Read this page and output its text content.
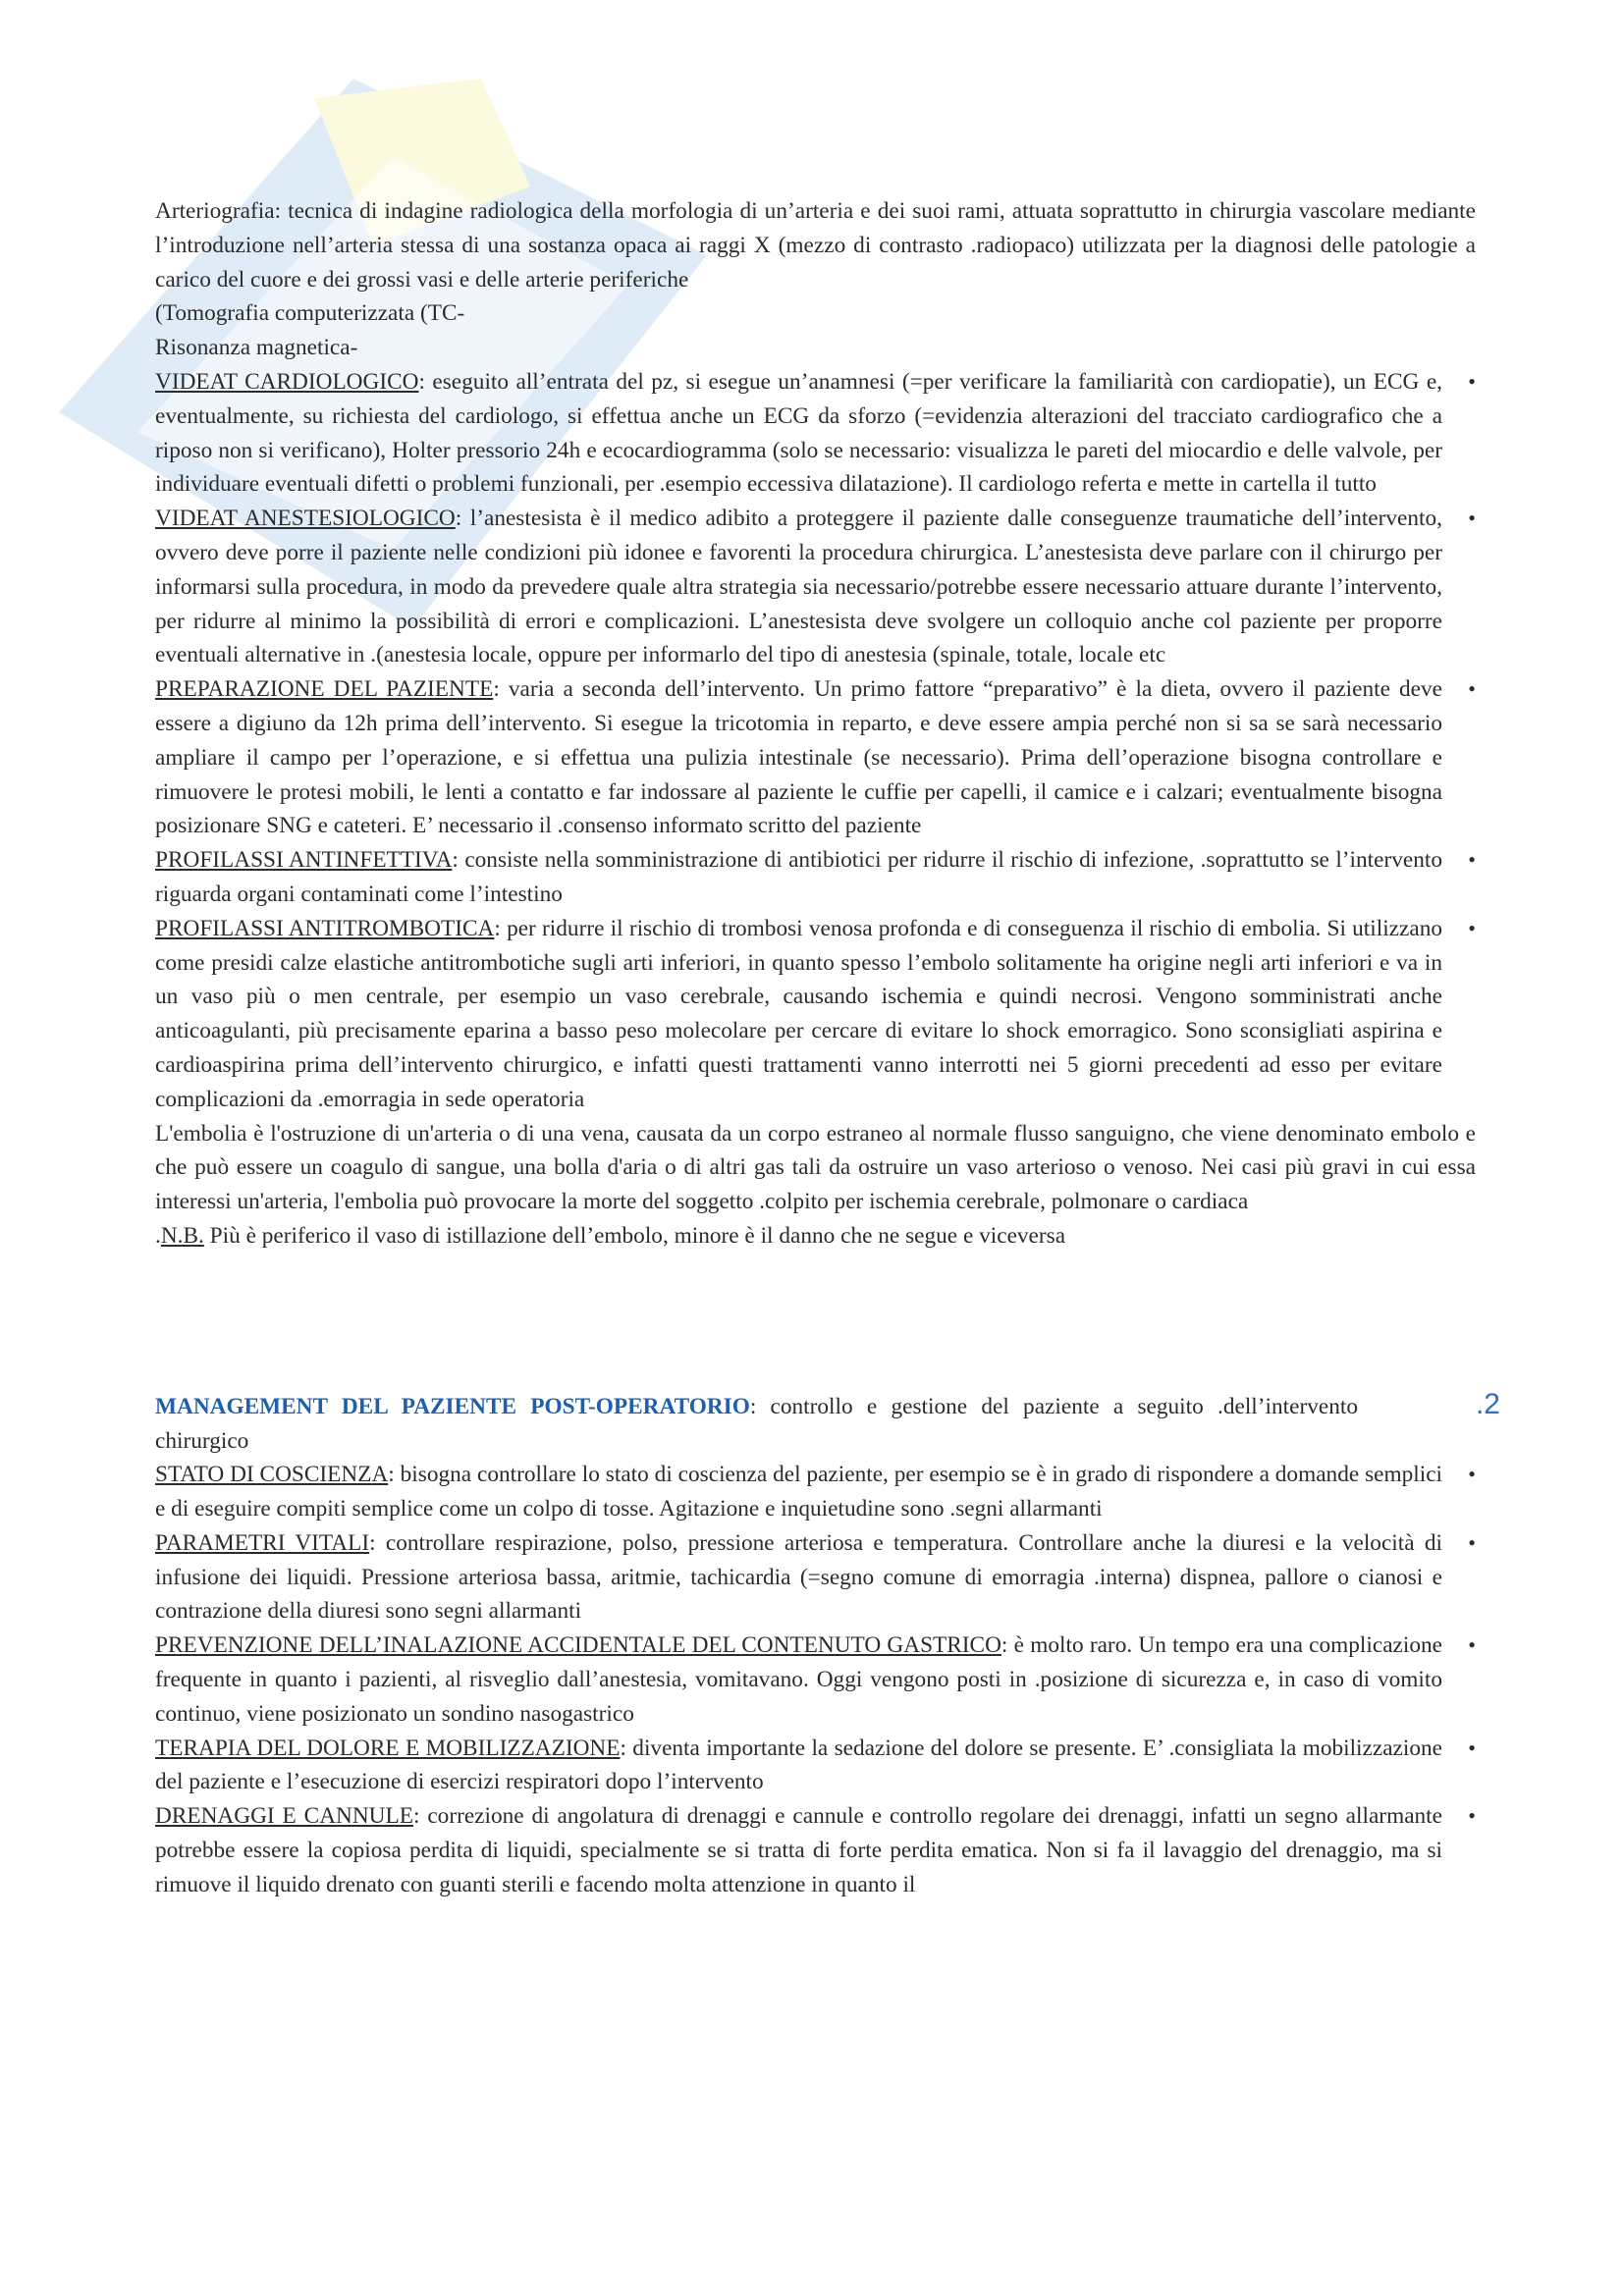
Arteriografia: tecnica di indagine radiologica della morfologia di un’arteria e dei suoi rami, attuata soprattutto in chirurgia vascolare mediante l’introduzione nell’arteria stessa di una sostanza opaca ai raggi X (mezzo di contrasto .radiopaco) utilizzata per la diagnosi delle patologie a carico del cuore e dei grossi vasi e delle arterie periferiche

(Tomografia computerizzata (TC-

Risonanza magnetica-

VIDEAT CARDIOLOGICO: eseguito all’entrata del pz, si esegue un’anamnesi (=per verificare la familiarità con cardiopatie), un ECG e, eventualmente, su richiesta del cardiologo, si effettua anche un ECG da sforzo (=evidenzia alterazioni del tracciato cardiografico che a riposo non si verificano), Holter pressorio 24h e ecocardiogramma (solo se necessario: visualizza le pareti del miocardio e delle valvole, per individuare eventuali difetti o problemi funzionali, per .esempio eccessiva dilatazione). Il cardiologo referta e mette in cartella il tutto
•

VIDEAT ANESTESIOLOGICO: l’anestesista è il medico adibito a proteggere il paziente dalle conseguenze traumatiche dell’intervento, ovvero deve porre il paziente nelle condizioni più idonee e favorenti la procedura chirurgica. L’anestesista deve parlare con il chirurgo per informarsi sulla procedura, in modo da prevedere quale altra strategia sia necessario/potrebbe essere necessario attuare durante l’intervento, per ridurre al minimo la possibilità di errori e complicazioni. L’anestesista deve svolgere un colloquio anche col paziente per proporre eventuali alternative in .(anestesia locale, oppure per informarlo del tipo di anestesia (spinale, totale, locale etc
•

PREPARAZIONE DEL PAZIENTE: varia a seconda dell’intervento. Un primo fattore “preparativo” è la dieta, ovvero il paziente deve essere a digiuno da 12h prima dell’intervento. Si esegue la tricotomia in reparto, e deve essere ampia perché non si sa se sarà necessario ampliare il campo per l’operazione, e si effettua una pulizia intestinale (se necessario). Prima dell’operazione bisogna controllare e rimuovere le protesi mobili, le lenti a contatto e far indossare al paziente le cuffie per capelli, il camice e i calzari; eventualmente bisogna posizionare SNG e cateteri. E’ necessario il .consenso informato scritto del paziente
•

PROFILASSI ANTINFETTIVA: consiste nella somministrazione di antibiotici per ridurre il rischio di infezione, .soprattutto se l’intervento riguarda organi contaminati come l’intestino
•

PROFILASSI ANTITROMBOTICA: per ridurre il rischio di trombosi venosa profonda e di conseguenza il rischio di embolia. Si utilizzano come presidi calze elastiche antitrombotiche sugli arti inferiori, in quanto spesso l’embolo solitamente ha origine negli arti inferiori e va in un vaso più o men centrale, per esempio un vaso cerebrale, causando ischemia e quindi necrosi. Vengono somministrati anche anticoagulanti, più precisamente eparina a basso peso molecolare per cercare di evitare lo shock emorragico. Sono sconsigliati aspirina e cardioaspirina prima dell’intervento chirurgico, e infatti questi trattamenti vanno interrotti nei 5 giorni precedenti ad esso per evitare complicazioni da .emorragia in sede operatoria
•

L'embolia è l'ostruzione di un'arteria o di una vena, causata da un corpo estraneo al normale flusso sanguigno, che viene denominato embolo e che può essere un coagulo di sangue, una bolla d'aria o di altri gas tali da ostruire un vaso arterioso o venoso. Nei casi più gravi in cui essa interessi un'arteria, l'embolia può provocare la morte del soggetto .colpito per ischemia cerebrale, polmonare o cardiaca

.N.B. Più è periferico il vaso di istillazione dell’embolo, minore è il danno che ne segue e viceversa

.2

MANAGEMENT DEL PAZIENTE POST-OPERATORIO: controllo e gestione del paziente a seguito .dell’intervento chirurgico

STATO DI COSCIENZA: bisogna controllare lo stato di coscienza del paziente, per esempio se è in grado di rispondere a domande semplici e di eseguire compiti semplice come un colpo di tosse. Agitazione e inquietudine sono .segni allarmanti
•

PARAMETRI VITALI: controllare respirazione, polso, pressione arteriosa e temperatura. Controllare anche la diuresi e la velocità di infusione dei liquidi. Pressione arteriosa bassa, aritmie, tachicardia (=segno comune di emorragia .interna) dispnea, pallore o cianosi e contrazione della diuresi sono segni allarmanti
•

PREVENZIONE DELL’INALAZIONE ACCIDENTALE DEL CONTENUTO GASTRICO: è molto raro. Un tempo era una complicazione frequente in quanto i pazienti, al risveglio dall’anestesia, vomitavano. Oggi vengono posti in .posizione di sicurezza e, in caso di vomito continuo, viene posizionato un sondino nasogastrico
•

TERAPIA DEL DOLORE E MOBILIZZAZIONE: diventa importante la sedazione del dolore se presente. E’ .consigliata la mobilizzazione del paziente e l’esecuzione di esercizi respiratori dopo l’intervento
•

DRENAGGI E CANNULE: correzione di angolatura di drenaggi e cannule e controllo regolare dei drenaggi, infatti un segno allarmante potrebbe essere la copiosa perdita di liquidi, specialmente se si tratta di forte perdita ematica. Non si fa il lavaggio del drenaggio, ma si rimuove il liquido drenato con guanti sterili e facendo molta attenzione in quanto il
•
